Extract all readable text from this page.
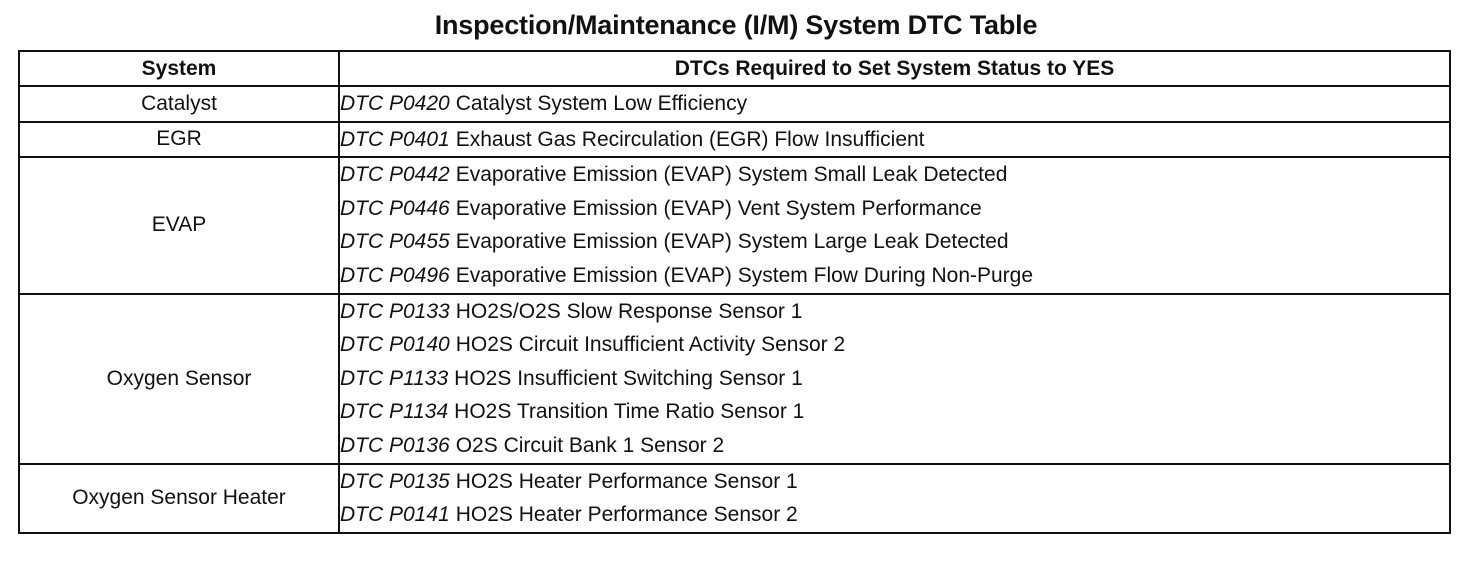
Inspection/Maintenance (I/M) System DTC Table
System	DTCs Required to Set System Status to YES
Catalyst	DTC P0420 Catalyst System Low Efficiency

EGR	DTC P0401 Exhaust Gas Recirculation (EGR) Flow Insufficient

EVAP	DTC P0442 Evaporative Emission (EVAP) System Small Leak Detected
DTC P0446 Evaporative Emission (EVAP) Vent System Performance
DTC P0455 Evaporative Emission (EVAP) System Large Leak Detected
DTC P0496 Evaporative Emission (EVAP) System Flow During Non-Purge

Oxygen Sensor	DTC P0133 HO2S/O2S Slow Response Sensor 1
DTC P0140 HO2S Circuit Insufficient Activity Sensor 2
DTC P1133 HO2S Insufficient Switching Sensor 1
DTC P1134 HO2S Transition Time Ratio Sensor 1
DTC P0136 O2S Circuit Bank 1 Sensor 2

Oxygen Sensor Heater	DTC P0135 HO2S Heater Performance Sensor 1
DTC P0141 HO2S Heater Performance Sensor 2
